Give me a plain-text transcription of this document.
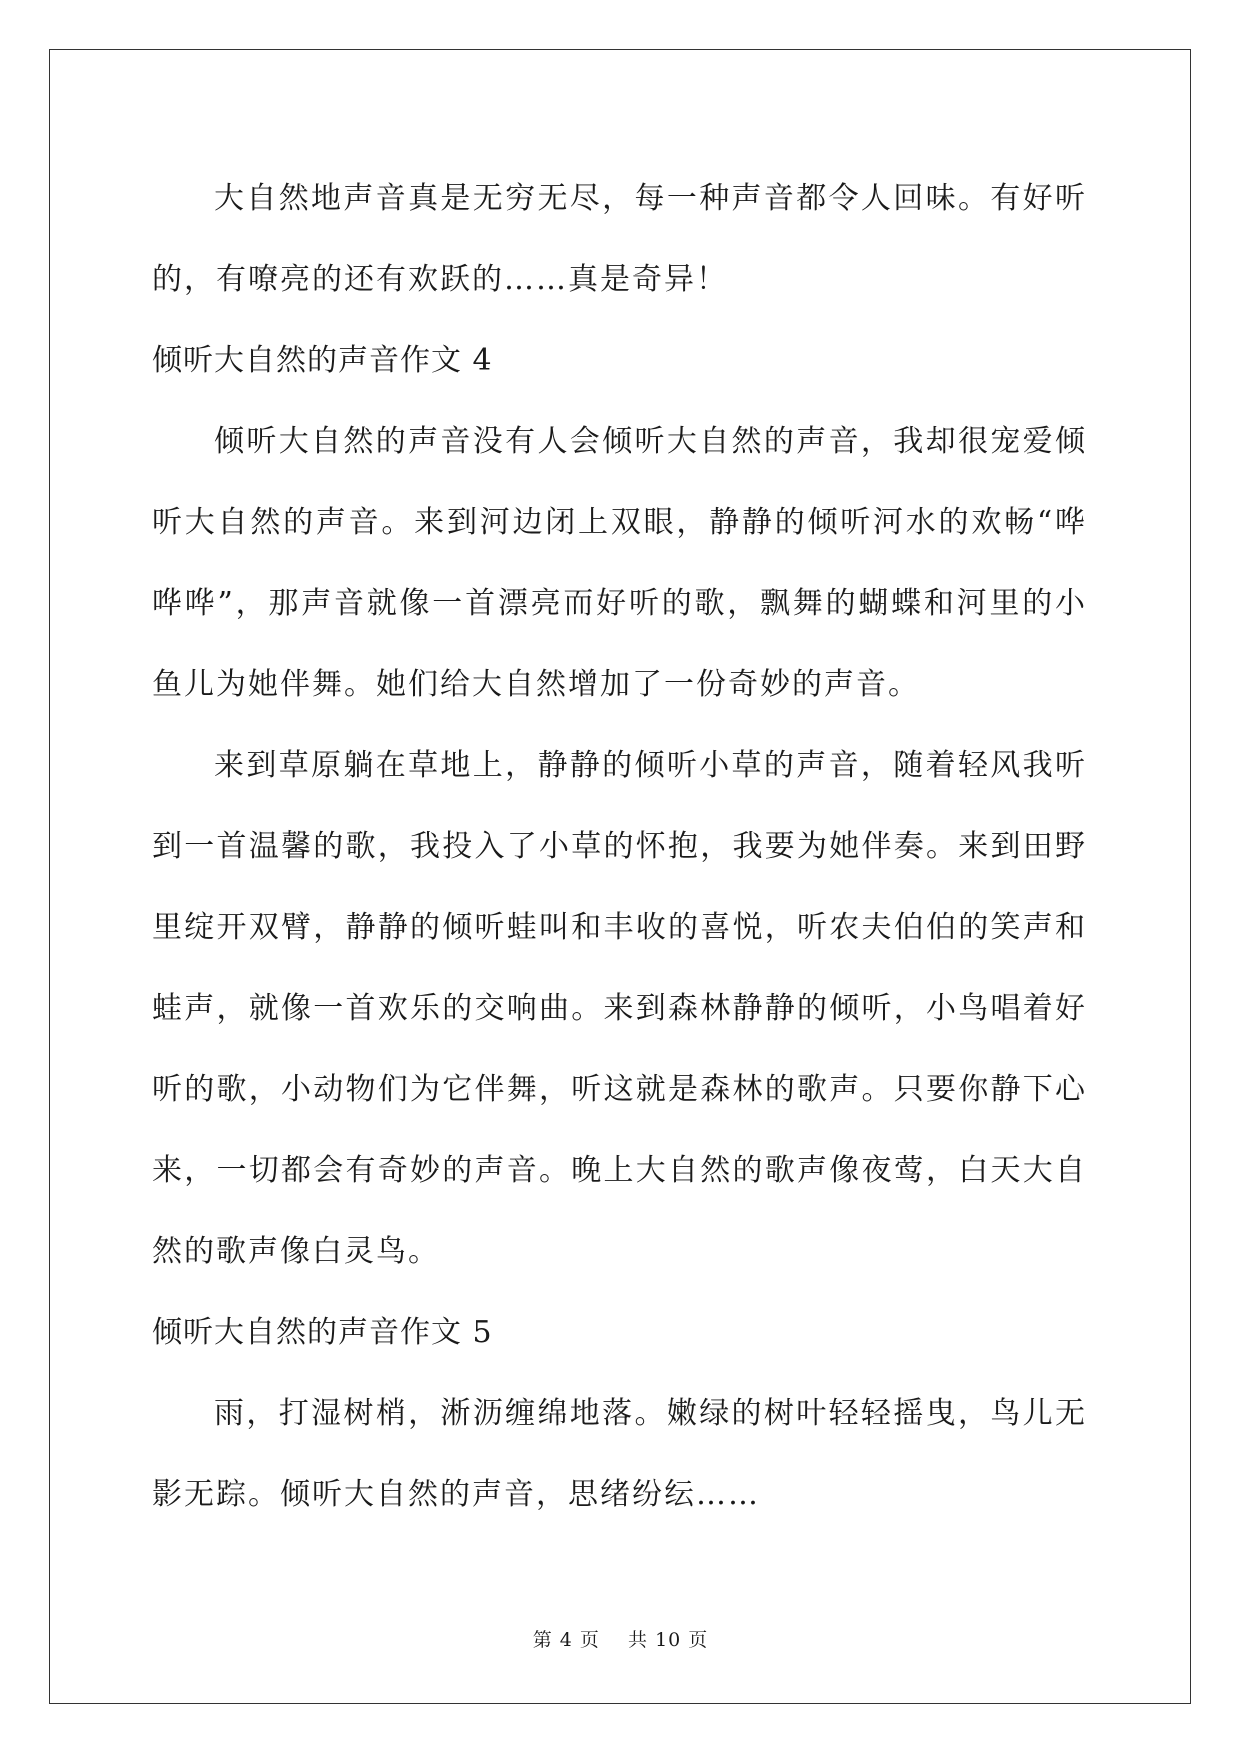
大自然地声音真是无穷无尽，每一种声音都令人回味。有好听的，有嘹亮的还有欢跃的……真是奇异！

倾听大自然的声音作文 4

倾听大自然的声音没有人会倾听大自然的声音，我却很宠爱倾听大自然的声音。来到河边闭上双眼，静静的倾听河水的欢畅“哗哗哗”，那声音就像一首漂亮而好听的歌，飘舞的蝴蝶和河里的小鱼儿为她伴舞。她们给大自然增加了一份奇妙的声音。

来到草原躺在草地上，静静的倾听小草的声音，随着轻风我听到一首温馨的歌，我投入了小草的怀抱，我要为她伴奏。来到田野里绽开双臂，静静的倾听蛙叫和丰收的喜悦，听农夫伯伯的笑声和蛙声，就像一首欢乐的交响曲。来到森林静静的倾听，小鸟唱着好听的歌，小动物们为它伴舞，听这就是森林的歌声。只要你静下心来，一切都会有奇妙的声音。晚上大自然的歌声像夜莺，白天大自然的歌声像白灵鸟。

倾听大自然的声音作文 5

雨，打湿树梢，淅沥缠绵地落。嫩绿的树叶轻轻摇曳，鸟儿无影无踪。倾听大自然的声音，思绪纷纭……

第 4 页 共 10 页
